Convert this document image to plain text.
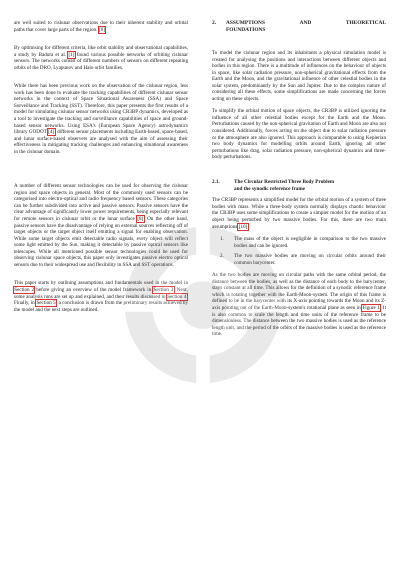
are well suited to cislunar observations due to their inherent stability and orbital paths that cover large parts of the region. [6]

By optimising for different criteria, like orbit stability and observational capabilities, a study by Badura et al. [1] found various possible networks of orbiting cislunar sensors. The networks consist of different numbers of sensors on different repeating orbits of the DRO, Lyapunov and Halo orbit families.

While there has been previous work on the observation of the cislunar region, less work has been done to evaluate the tracking capabilities of different cislunar sensor networks in the context of Space Situational Awareness (SSA) and Space Surveillance and Tracking (SST). Therefore, this paper presents the first results of a model for simulating cislunar sensor networks using CR3BP dynamics, developed as a tool to investigate the tracking and surveillance capabilities of space and ground-based sensor networks. Using ESA's (European Space Agency) astrodynamics library GODOT [4], different sensor placements including Earth-based, space-based, and lunar surface-based observers are analysed with the aim of assessing their effectiveness in mitigating tracking challenges and enhancing situational awareness in the cislunar domain.

A number of different sensor technologies can be used for observing the cislunar region and space objects in general. Most of the commonly used sensors can be categorised into electro-optical and radio frequency based sensors. These categories can be further subdivided into active and passive sensors. Passive sensors have the clear advantage of significantly lower power requirements, being especially relevant for remote sensors in cislunar orbit or the lunar surface [8]. On the other hand, passive sensors have the disadvantage of relying on external sources reflecting off of target objects or the target object itself emitting a signal for enabling observation. While some target objects emit detectable radio signals, every object will reflect some light emitted by the Sun, making it detectable by passive optical sensors like telescopes. While all mentioned possible sensor technologies could be used for observing cislunar space objects, this paper only investigates passive electro optical sensors due to their widespread use and flexibility in SSA and SST operations.

This paper starts by outlining assumptions and fundamentals used in the model in Section 2 before giving an overview of the model framework in Section 3. Next, some analysis runs are set up and explained, and their results discussed in Section 4. Finally, in Section 5, a conclusion is drawn from the preliminary results achieved by the model and the next steps are outlined.

2.	ASSUMPTIONS	AND	THEORETICAL
FOUNDATIONS

To model the cislunar region and its inhabitants a physical simulation model is created for analysing the positions and interactions between different objects and bodies in this region. There is a multitude of influences on the behaviour of objects in space, like solar radiation pressure, non-spherical gravitational effects from the Earth and the Moon, and the gravitational influence of other celestial bodies in the solar system, predominantly by the Sun and Jupiter. Due to the complex nature of considering all these effects, some simplifications are made concerning the forces acting on these objects.

To simplify the orbital motion of space objects, the CR3BP is utilized ignoring the influence of all other celestial bodies except for the Earth and the Moon. Perturbations caused by the non-spherical gravitation of Earth and Moon are also not considered. Additionally, forces acting on the object due to solar radiation pressure or the atmosphere are also ignored. This approach is comparable to using Keplerian two body dynamics for modelling orbits around Earth, ignoring all other perturbations like drag, solar radiation pressure, non-spherical dynamics and three-body perturbations.

2.1.	The Circular Restricted Three Body Problem
and the synodic reference frame

The CR3BP represents a simplified model for the orbital motion of a system of three bodies with mass. While a three-body system normally displays chaotic behaviour the CR3BP uses some simplifications to create a simpler model for the motion of an object being perturbed by two massive bodies. For this, there are two main assumptions [10]:

1.	The mass of the object is negligible in comparison to the two massive bodies and can be ignored.
2.	The two massive bodies are moving on circular orbits around their common barycenter.

As the two bodies are moving on circular paths with the same orbital period, the distance between the bodies, as well as the distance of each body to the barycenter, stays constant at all time. This allows for the definition of a synodic reference frame which is rotating together with the Earth-Moon-system. The origin of this frame is defined to be in the barycenter with its X-axis pointing towards the Moon and its Z-axis pointing out of the Earth-Moon-system's rotational plane as seen in Figure 1. It is also common to scale the length and time units of the reference frame to be dimensionless. The distance between the two massive bodies is used as the reference length unit, and the period of the orbits of the massive bodies is used as the reference time.
